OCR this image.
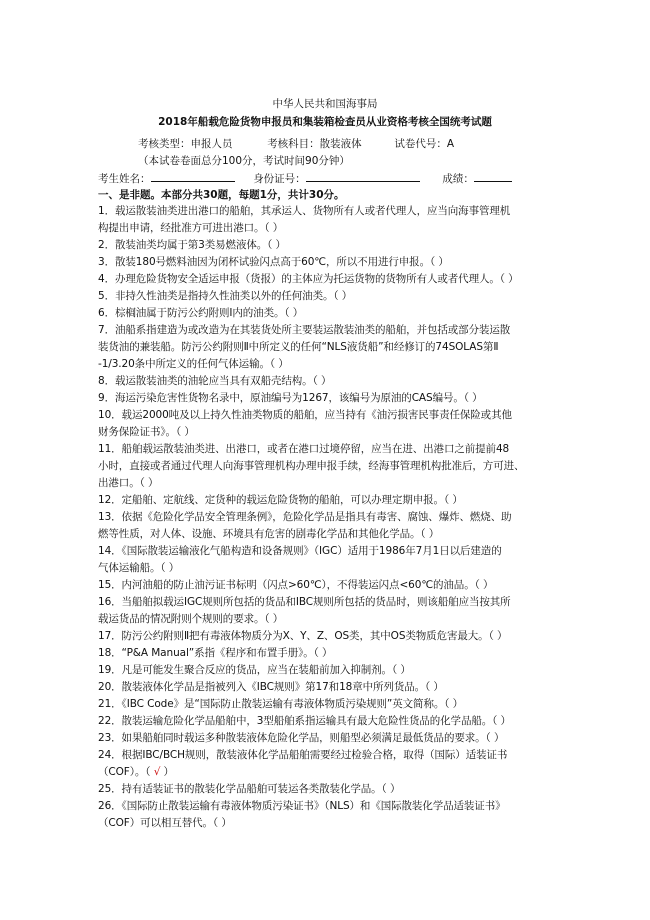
中华人民共和国海事局
2018年船载危险货物申报员和集装箱检查员从业资格考核全国统考试题
考核类型：申报人员	考核科目：散装液体	试卷代号：A
（本试卷卷面总分100分，考试时间90分钟）
考生姓名：	身份证号：	成绩：
一、是非题。本部分共30题，每题1分，共计30分。
1．载运散装油类进出港口的船舶，其承运人、货物所有人或者代理人，应当向海事管理机
构提出申请，经批准方可进出港口。（ ）
2．散装油类均属于第3类易燃液体。（ ）
3．散装180号燃料油因为闭杯试验闪点高于60℃，所以不用进行申报。（ ）
4．办理危险货物安全适运申报（货报）的主体应为托运货物的货物所有人或者代理人。（ ）
5．非持久性油类是指持久性油类以外的任何油类。（ ）
6．棕榈油属于防污公约附则Ⅰ内的油类。（ ）
7．油船系指建造为或改造为在其装货处所主要装运散装油类的船舶，并包括或部分装运散
装货油的兼装船。防污公约附则Ⅱ中所定义的任何“NLS液货船”和经修订的74SOLAS第Ⅱ
-1/3.20条中所定义的任何气体运输。（ ）
8．载运散装油类的油轮应当具有双船壳结构。（ ）
9．海运污染危害性货物名录中，原油编号为1267，该编号为原油的CAS编号。（ ）
10．载运2000吨及以上持久性油类物质的船舶，应当持有《油污损害民事责任保险或其他
财务保险证书》。（ ）
11．船舶载运散装油类进、出港口，或者在港口过境停留，应当在进、出港口之前提前48
小时，直接或者通过代理人向海事管理机构办理申报手续，经海事管理机构批准后，方可进、
出港口。（ ）
12．定船舶、定航线、定货种的载运危险货物的船舶，可以办理定期申报。（ ）
13．依据《危险化学品安全管理条例》，危险化学品是指具有毒害、腐蚀、爆炸、燃烧、助
燃等性质，对人体、设施、环境具有危害的剧毒化学品和其他化学品。（ ）
14．《国际散装运输液化气船构造和设备规则》（IGC）适用于1986年7月1日以后建造的
气体运输船。（ ）
15．内河油船的防止油污证书标明（闪点>60℃），不得装运闪点<60℃的油品。（ ）
16．当船舶拟载运IGC规则所包括的货品和IBC规则所包括的货品时，则该船舶应当按其所
载运货品的情况附则个规则的要求。（ ）
17．防污公约附则Ⅱ把有毒液体物质分为X、Y、Z、OS类，其中OS类物质危害最大。（ ）
18．“P&A Manual”系指《程序和布置手册》。（ ）
19．凡是可能发生聚合反应的货品，应当在装船前加入抑制剂。（ ）
20．散装液体化学品是指被列入《IBC规则》第17和18章中所列货品。（ ）
21．《IBC Code》是“国际防止散装运输有毒液体物质污染规则”英文简称。（ ）
22．散装运输危险化学品船舶中，3型船舶系指运输具有最大危险性货品的化学品船。（ ）
23．如果船舶同时载运多种散装液体危险化学品，则船型必须满足最低货品的要求。（ ）
24．根据IBC/BCH规则，散装液体化学品船舶需要经过检验合格，取得（国际）适装证书
（COF）。（ √ ）
25．持有适装证书的散装化学品船舶可装运各类散装化学品。（ ）
26．《国际防止散装运输有毒液体物质污染证书》（NLS）和《国际散装化学品适装证书》
（COF）可以相互替代。（ ）
